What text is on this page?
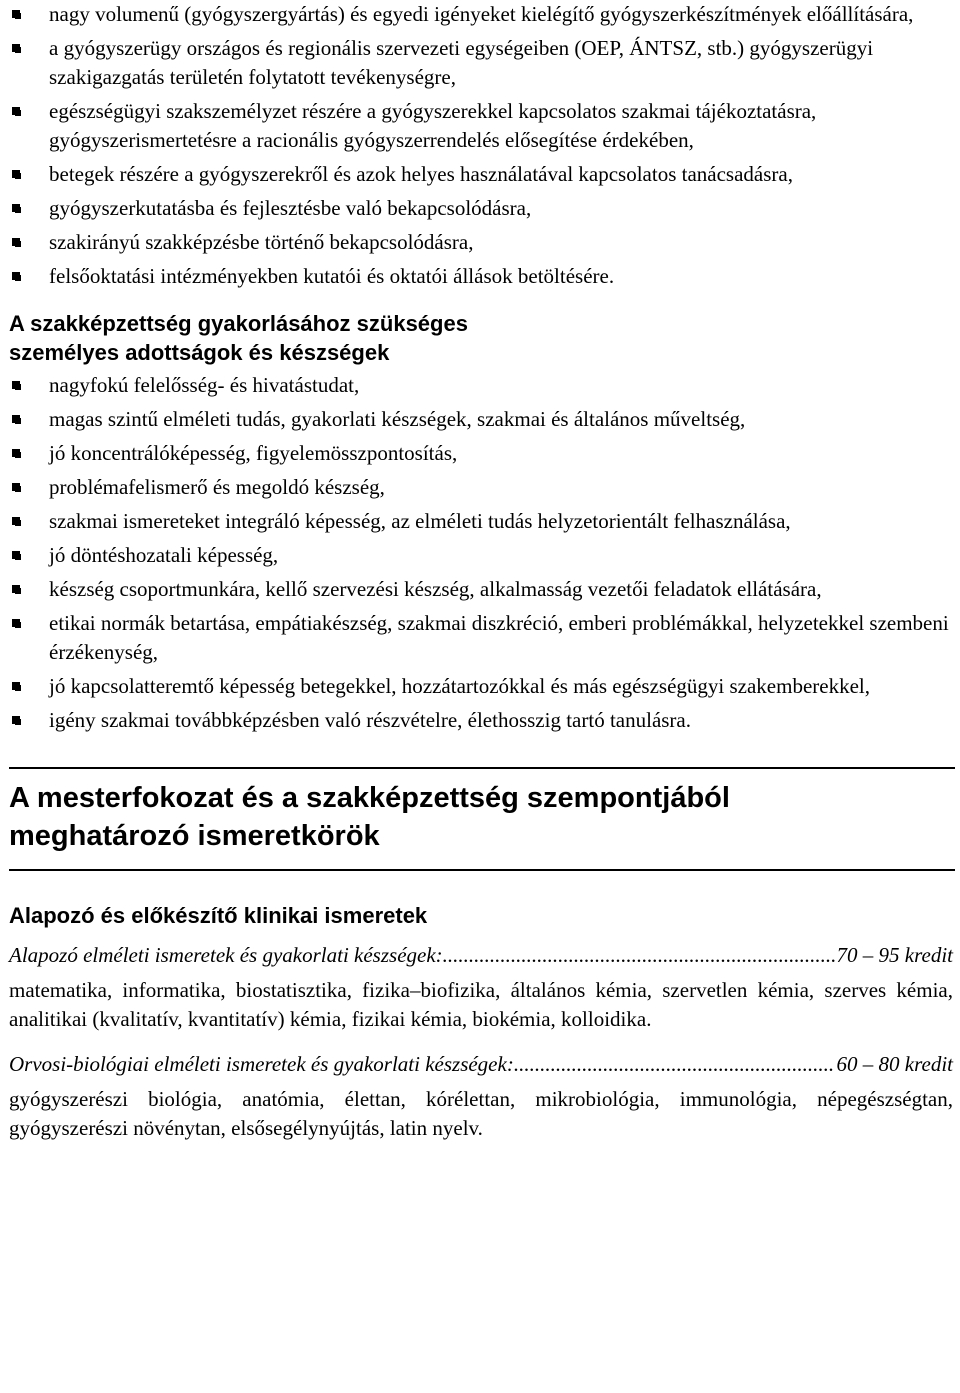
nagy volumenű (gyógyszergyártás) és egyedi igényeket kielégítő gyógyszerkészítmények előállítására,
a gyógyszerügy országos és regionális szervezeti egységeiben (OEP, ÁNTSZ, stb.) gyógyszerügyi szakigazgatás területén folytatott tevékenységre,
egészségügyi szakszemélyzet részére a gyógyszerekkel kapcsolatos szakmai tájékoztatásra, gyógyszerismertetésre a racionális gyógyszerrendelés elősegítése érdekében,
betegek részére a gyógyszerekről és azok helyes használatával kapcsolatos tanácsadásra,
gyógyszerkutatásba és fejlesztésbe való bekapcsolódásra,
szakirányú szakképzésbe történő bekapcsolódásra,
felsőoktatási intézményekben kutatói és oktatói állások betöltésére.
A szakképzettség gyakorlásához szükséges
személyes adottságok és készségek
nagyfokú felelősség- és hivatástudat,
magas szintű elméleti tudás, gyakorlati készségek, szakmai és általános műveltség,
jó koncentrálóképesség, figyelemösszpontosítás,
problémafelismerő és megoldó készség,
szakmai ismereteket integráló képesség, az elméleti tudás helyzetorientált felhasználása,
jó döntéshozatali képesség,
készség csoportmunkára, kellő szervezési készség, alkalmasság vezetői feladatok ellátására,
etikai normák betartása, empátiakészség, szakmai diszkréció, emberi problémákkal, helyzetekkel szembeni érzékenység,
jó kapcsolatteremtő képesség betegekkel, hozzátartozókkal és más egészségügyi szakemberekkel,
igény szakmai továbbképzésben való részvételre, élethosszig tartó tanulásra.
A mesterfokozat és a szakképzettség szempontjából
meghatározó ismeretkörök
Alapozó és előkészítő klinikai ismeretek
Alapozó elméleti ismeretek és gyakorlati készségek: .....	70 – 95 kredit

matematika, informatika, biostatisztika, fizika–biofizika, általános kémia, szervetlen kémia, szerves kémia, analitikai (kvalitatív, kvantitatív) kémia, fizikai kémia, biokémia, kolloidika.

Orvosi-biológiai elméleti ismeretek és gyakorlati készségek: .....	60 – 80 kredit

gyógyszerészi biológia, anatómia, élettan, kórélettan, mikrobiológia, immunológia, népegészségtan, gyógyszerészi növénytan, elsősegélynyújtás, latin nyelv.
